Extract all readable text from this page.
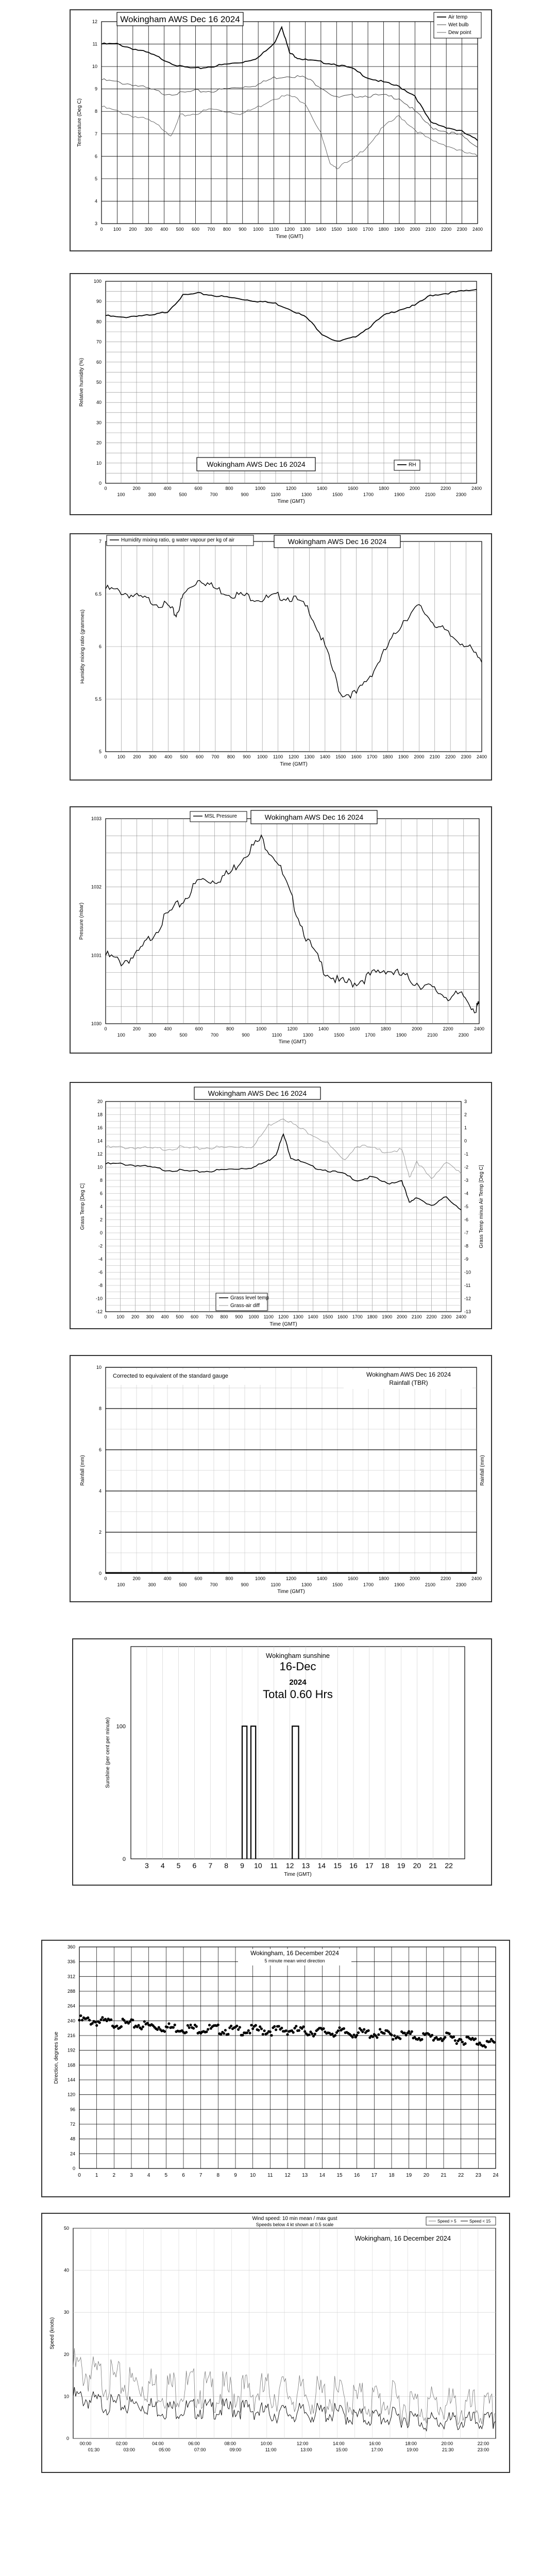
3
4
5
6
7
8
9
10
11
12
0 100 200 300 400 500 600 700 800 900 1000 1100 1200 1300 1400 1500 1600 1700 1800 1900 2000 2100 2200 2300 2400
Time (GMT)
Temperature (Deg C)
Wokingham AWS Dec 16 2024	Air temp
Wet bulb
Dew point
0
10
20
30
40
50
60
70
80
90
100
0	200	400	600	800	1000	1200	1400	1600	1800	2000	2200	2400
100	300	500	700	900	1100	1300	1500	1700	1900	2100	2300
Time (GMT)
Relative humidity (%)
Wokingham AWS Dec 16 2024	RH
5
5.5
6
6.5
7
0 100 200 300 400 500 600 700 800 900 1000 1100 1200 1300 1400 1500 1600 1700 1800 1900 2000 2100 2200 2300 2400
Time (GMT)
Humidity mixing ratio (grammes)
Humidity mixing ratio, g water vapour per kg of air	Wokingham AWS Dec 16 2024
1030
1031
1032
1033
0	200	400	600	800	1000	1200	1400	1600	1800	2000	2200	2400
100	300	500	700	900	1100	1300	1500	1700	1900	2100	2300
Time (GMT)
Pressure (mbar)
MSL Pressure	Wokingham AWS Dec 16 2024
-12
-10
-8
-6
-4
-2
0
2
4
6
8
10
12
14
16
18
20
-13
-12
-11
-10
-9
-8
-7
-6
-5
-4
-3
-2
-1
0
1
2
3
0 100 200 300 400 500 600 700 800 900 1000 1100 1200 1300 1400 1500 1600 1700 1800 1900 2000 2100 2200 2300 2400
Time (GMT)
Grass Temp [Deg C]	Grass Temp minus Air Temp [Deg C]
Wokingham AWS Dec 16 2024
Grass level temp
Grass-air diff
0
2
4
6
8
10
0	200	400	600	800	1000	1200	1400	1600	1800	2000	2200	2400
100	300	500	700	900	1100	1300	1500	1700	1900	2100	2300
Time (GMT)
Rainfall (mm)	Rainfall (mm)
Corrected to equivalent of the standard gauge	Wokingham AWS Dec 16 2024
Rainfall (TBR)
0
100
3 4 5 6 7 8 9 10 11 12 13 14 15 16 17 18 19 20 21 22
Time (GMT)
Sunshine (per cent per minute)
Wokingham sunshine
16-Dec
2024
Total 0.60 Hrs
0
24
48
72
96
120
144
168
192
216
240
264
288
312
336
360
0	1	2	3	4	5	6	7	8	9	10 11 12 13 14 15 16 17 18 19 20 21 22 23 24
Direction, degrees true
Wokingham, 16 December 2024
5 minute mean wind direction
0
10
20
30
40
50
00:00	02:00	04:00	06:00	08:00	10:00	12:00	14:00	16:00	18:00	20:00	22:00
01:30	03:00	05:00	07:00	09:00	11:00	13:00	15:00	17:00	19:00	21:30	23:00
Speed (knots)
Wind speed: 10 min mean / max gust
Speeds below 4 kt shown at 0.5 scale
Wokingham, 16 December 2024
Speed > 5	Speed < 15
